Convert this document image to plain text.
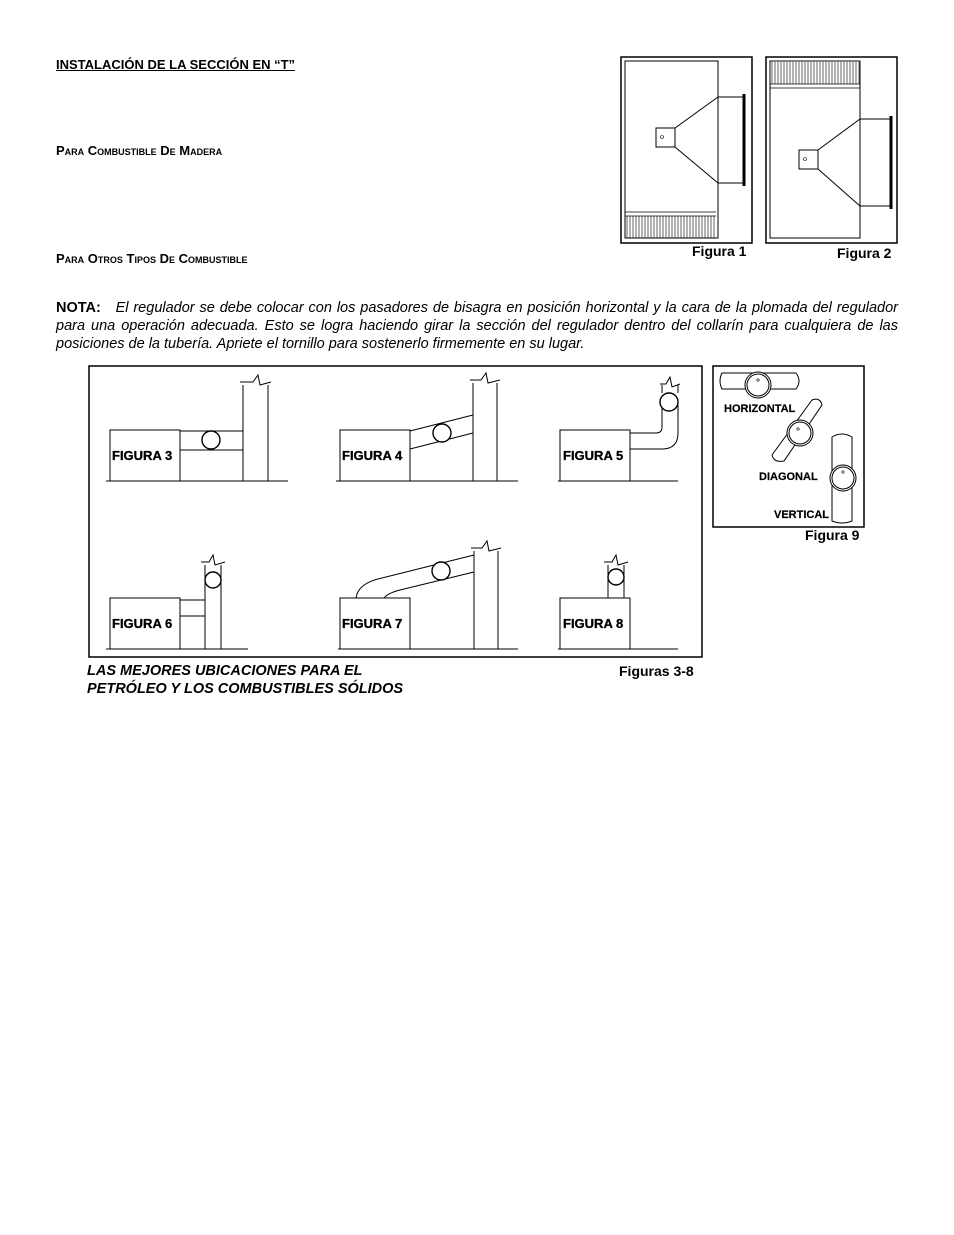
INSTALACIÓN DE LA SECCIÓN EN “T”
Para Combustible De Madera
Para Otros Tipos De Combustible	Figura 1	Figura 2
NOTA: El regulador se debe colocar con los pasadores de bisagra en posición horizontal y la cara de la plomada del regulador para una operación adecuada. Esto se logra haciendo girar la sección del regulador dentro del collarín para cualquiera de las posiciones de la tubería. Apriete el tornillo para sostenerlo firmemente en su lugar.
FIGURA 3	FIGURA 4	FIGURA 5
FIGURA 6	FIGURA 7	FIGURA 8
HORIZONTAL
DIAGONAL
VERTICAL
Figura 9
LAS MEJORES UBICACIONES PARA EL
PETRÓLEO Y LOS COMBUSTIBLES SÓLIDOS
Figuras 3-8
